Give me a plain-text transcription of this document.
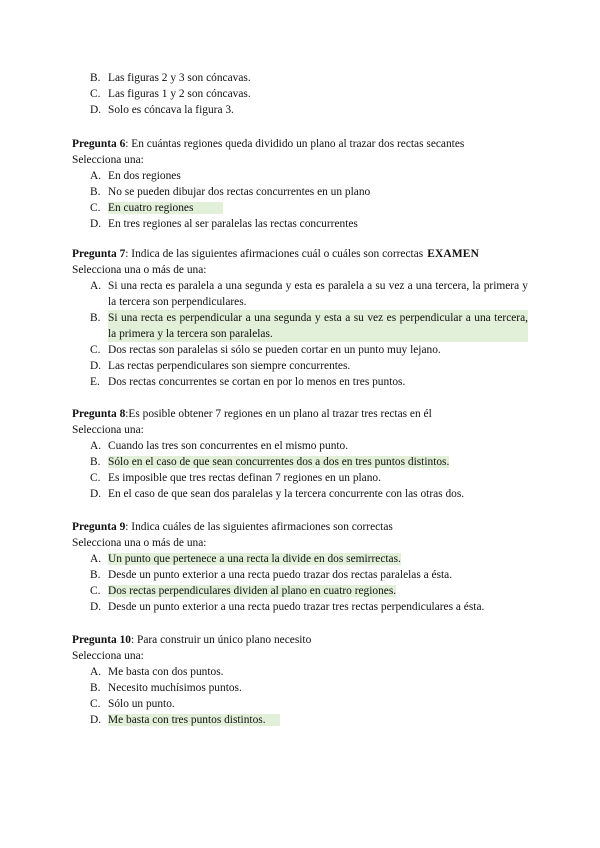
B. Las figuras 2 y 3 son cóncavas.
C. Las figuras 1 y 2 son cóncavas.
D. Solo es cóncava la figura 3.
Pregunta 6: En cuántas regiones queda dividido un plano al trazar dos rectas secantes
Selecciona una:
A. En dos regiones
B. No se pueden dibujar dos rectas concurrentes en un plano
C. En cuatro regiones
D. En tres regiones al ser paralelas las rectas concurrentes
Pregunta 7: Indica de las siguientes afirmaciones cuál o cuáles son correctas EXAMEN
Selecciona una o más de una:
A. Si una recta es paralela a una segunda y esta es paralela a su vez a una tercera, la primera y la tercera son perpendiculares.
B. Si una recta es perpendicular a una segunda y esta a su vez es perpendicular a una tercera, la primera y la tercera son paralelas.
C. Dos rectas son paralelas si sólo se pueden cortar en un punto muy lejano.
D. Las rectas perpendiculares son siempre concurrentes.
E. Dos rectas concurrentes se cortan en por lo menos en tres puntos.
Pregunta 8:Es posible obtener 7 regiones en un plano al trazar tres rectas en él
Selecciona una:
A. Cuando las tres son concurrentes en el mismo punto.
B. Sólo en el caso de que sean concurrentes dos a dos en tres puntos distintos.
C. Es imposible que tres rectas definan 7 regiones en un plano.
D. En el caso de que sean dos paralelas y la tercera concurrente con las otras dos.
Pregunta 9: Indica cuáles de las siguientes afirmaciones son correctas
Selecciona una o más de una:
A. Un punto que pertenece a una recta la divide en dos semirrectas.
B. Desde un punto exterior a una recta puedo trazar dos rectas paralelas a ésta.
C. Dos rectas perpendiculares dividen al plano en cuatro regiones.
D. Desde un punto exterior a una recta puedo trazar tres rectas perpendiculares a ésta.
Pregunta 10: Para construir un único plano necesito
Selecciona una:
A. Me basta con dos puntos.
B. Necesito muchísimos puntos.
C. Sólo un punto.
D. Me basta con tres puntos distintos.
